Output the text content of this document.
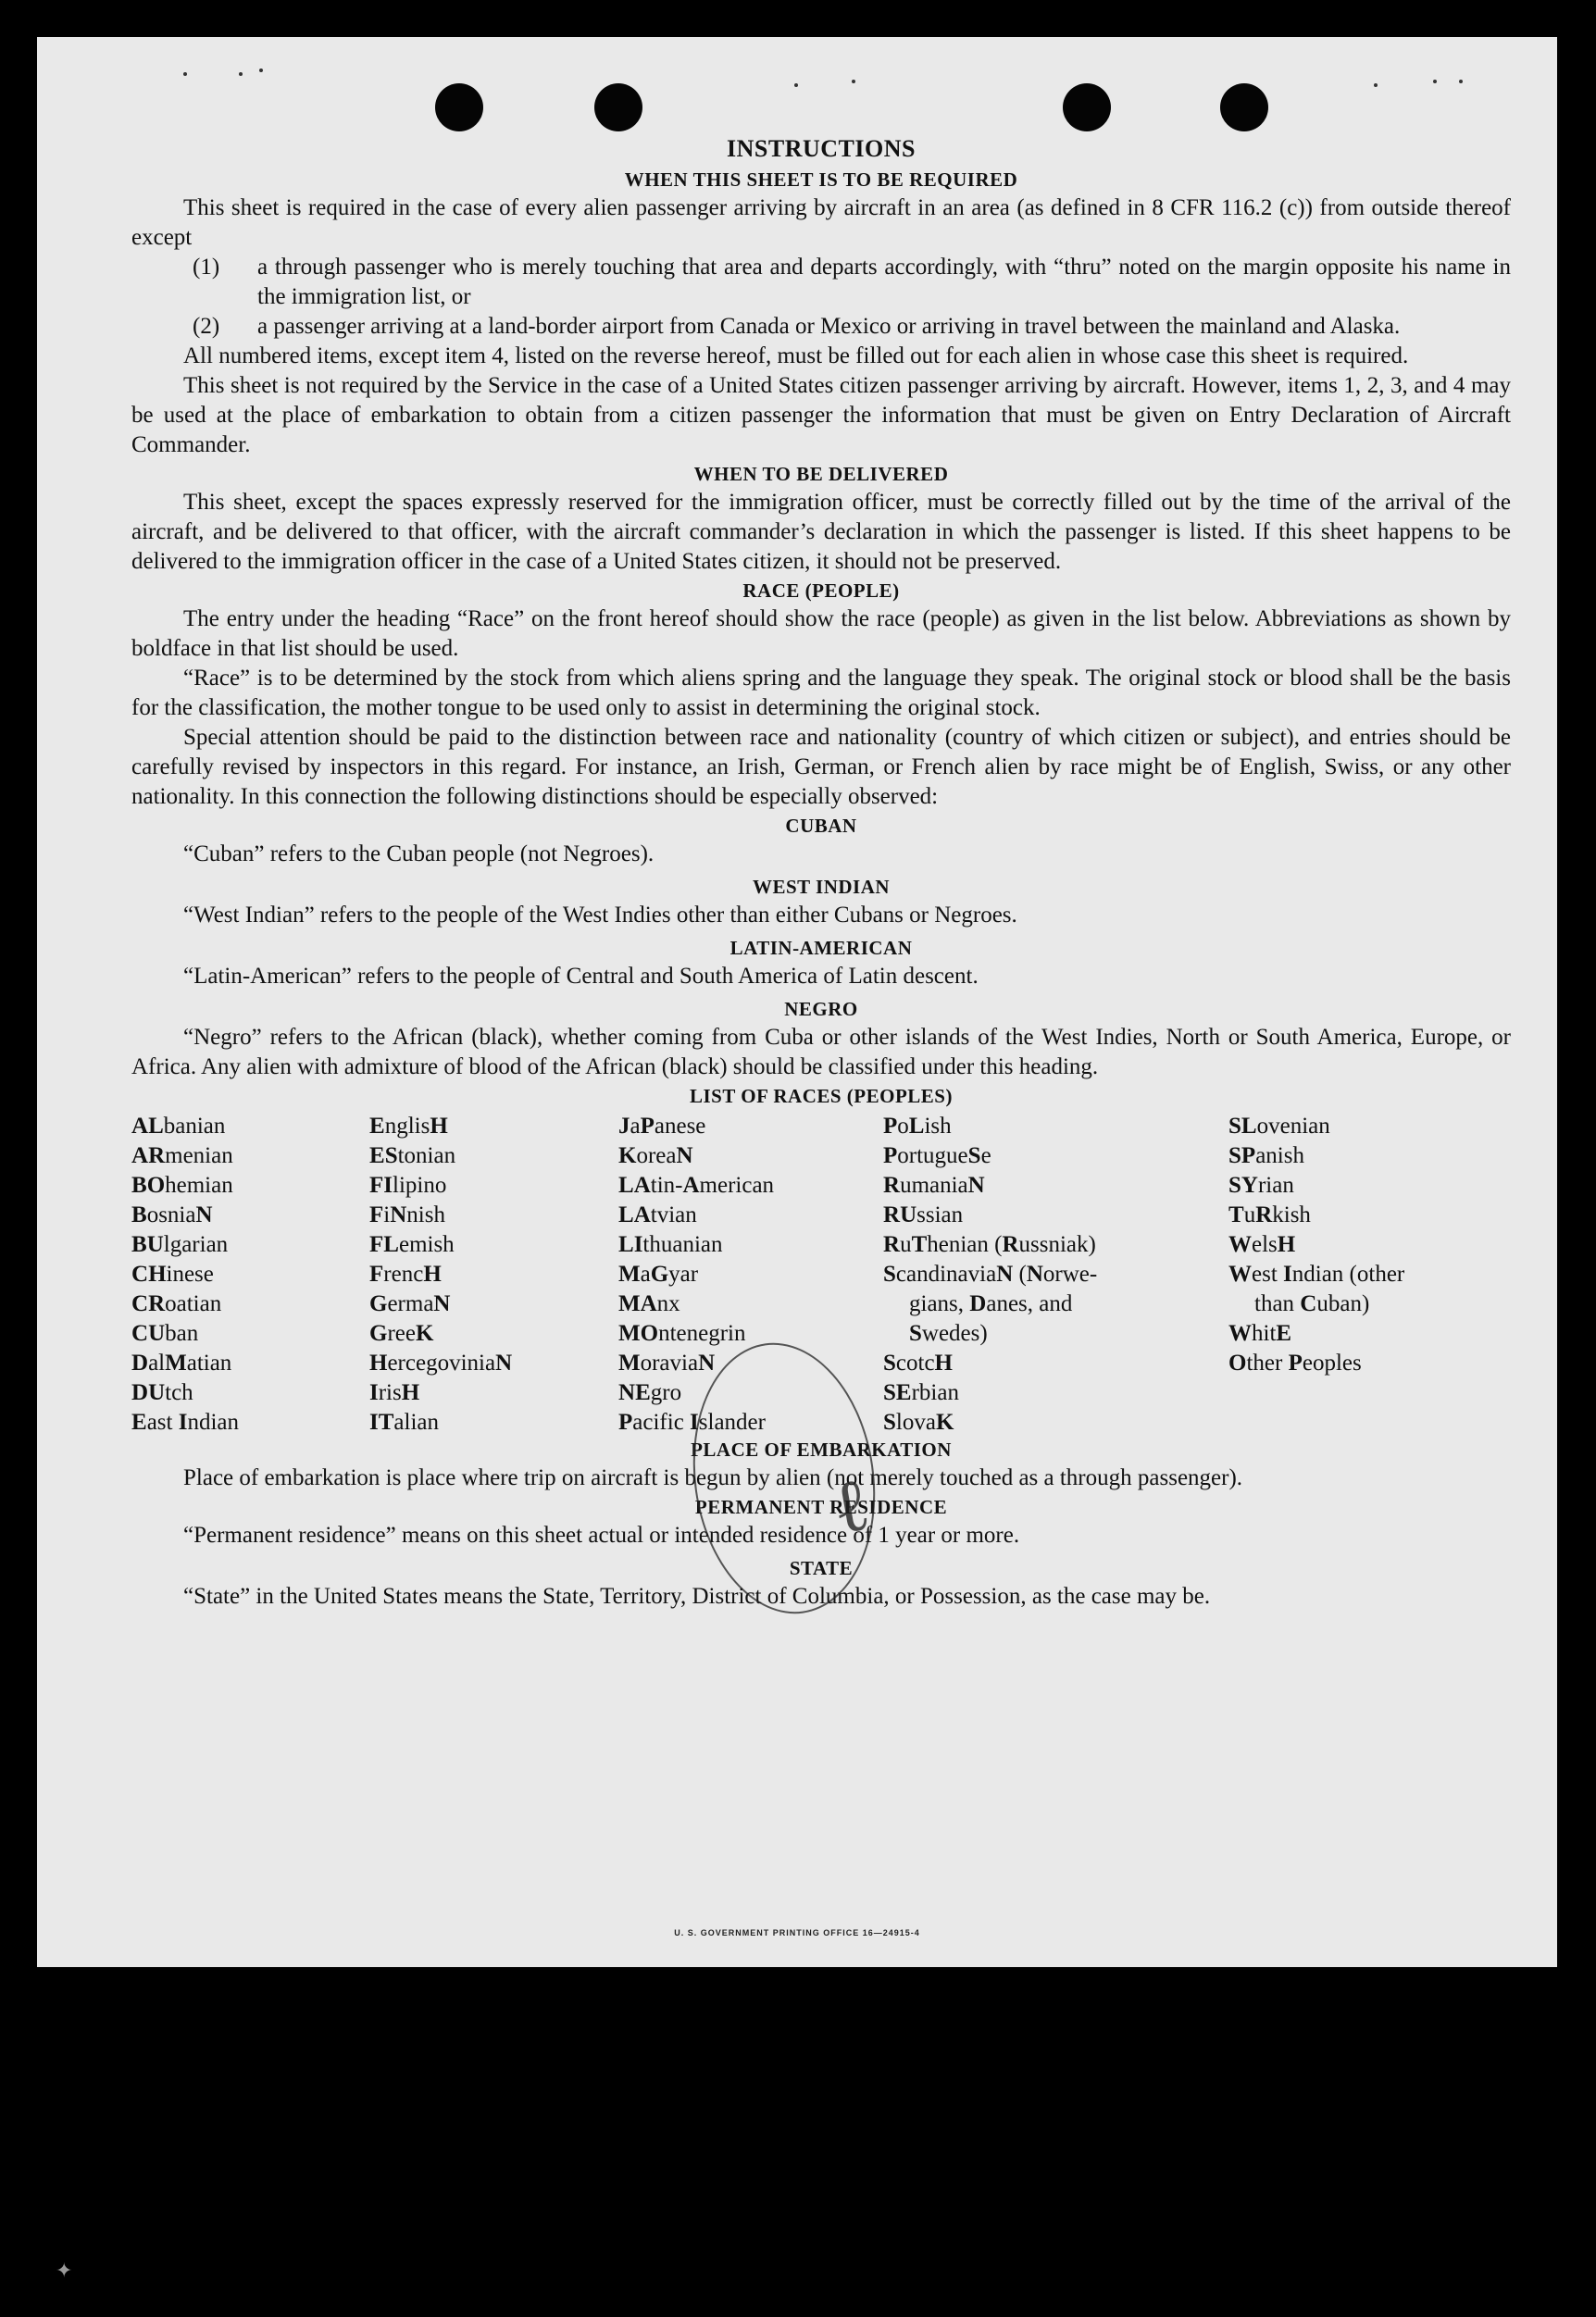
INSTRUCTIONS
WHEN THIS SHEET IS TO BE REQUIRED

This sheet is required in the case of every alien passenger arriving by aircraft in an area (as defined in 8 CFR 116.2 (c)) from outside thereof except

(1)	a through passenger who is merely touching that area and departs accordingly, with “thru” noted on the margin opposite his name in the immigration list, or
(2)	a passenger arriving at a land-border airport from Canada or Mexico or arriving in travel between the mainland and Alaska.

All numbered items, except item 4, listed on the reverse hereof, must be filled out for each alien in whose case this sheet is required.

This sheet is not required by the Service in the case of a United States citizen passenger arriving by aircraft. However, items 1, 2, 3, and 4 may be used at the place of embarkation to obtain from a citizen passenger the information that must be given on Entry Declaration of Aircraft Commander.

WHEN TO BE DELIVERED

This sheet, except the spaces expressly reserved for the immigration officer, must be correctly filled out by the time of the arrival of the aircraft, and be delivered to that officer, with the aircraft commander’s declaration in which the passenger is listed. If this sheet happens to be delivered to the immigration officer in the case of a United States citizen, it should not be preserved.

RACE (PEOPLE)

The entry under the heading “Race” on the front hereof should show the race (people) as given in the list below. Abbreviations as shown by boldface in that list should be used.

“Race” is to be determined by the stock from which aliens spring and the language they speak. The original stock or blood shall be the basis for the classification, the mother tongue to be used only to assist in determining the original stock.

Special attention should be paid to the distinction between race and nationality (country of which citizen or subject), and entries should be carefully revised by inspectors in this regard. For instance, an Irish, German, or French alien by race might be of English, Swiss, or any other nationality. In this connection the following distinctions should be especially observed:

CUBAN
“Cuban” refers to the Cuban people (not Negroes).
WEST INDIAN
“West Indian” refers to the people of the West Indies other than either Cubans or Negroes.
LATIN-AMERICAN
“Latin-American” refers to the people of Central and South America of Latin descent.
NEGRO

“Negro” refers to the African (black), whether coming from Cuba or other islands of the West Indies, North or South America, Europe, or Africa. Any alien with admixture of blood of the African (black) should be classified under this heading.

LIST OF RACES (PEOPLES)
ALbanian
ARmenian
BOhemian
BosniaN
BUlgarian
CHinese
CRoatian
CUban
DalMatian
DUtch
East Indian
EnglisH
EStonian
FIlipino
FiNnish
FLemish
FrencH
GermaN
GreeK
HercegoviniaN
IrisH
ITalian
JaPanese
KoreaN
LAtin-American
LAtvian
LIthuanian
MaGyar
MAnx
MOntenegrin
MoraviaN
NEgro
Pacific Islander
PoLish
PortugueSe
RumaniaN
RUssian
RuThenian (Russniak)
ScandinaviaN (Norwe-
gians, Danes, and
Swedes)
ScotcH
SErbian
SlovaK
SLovenian
SPanish
SYrian
TuRkish
WelsH
West Indian (other
than Cuban)
WhitE
Other Peoples
PLACE OF EMBARKATION

Place of embarkation is place where trip on aircraft is begun by alien (not merely touched as a through passenger).

PERMANENT RESIDENCE
“Permanent residence” means on this sheet actual or intended residence of 1 year or more.
STATE

“State” in the United States means the State, Territory, District of Columbia, or Possession, as the case may be.

ℓ
U. S. GOVERNMENT PRINTING OFFICE 16—24915-4
✦
